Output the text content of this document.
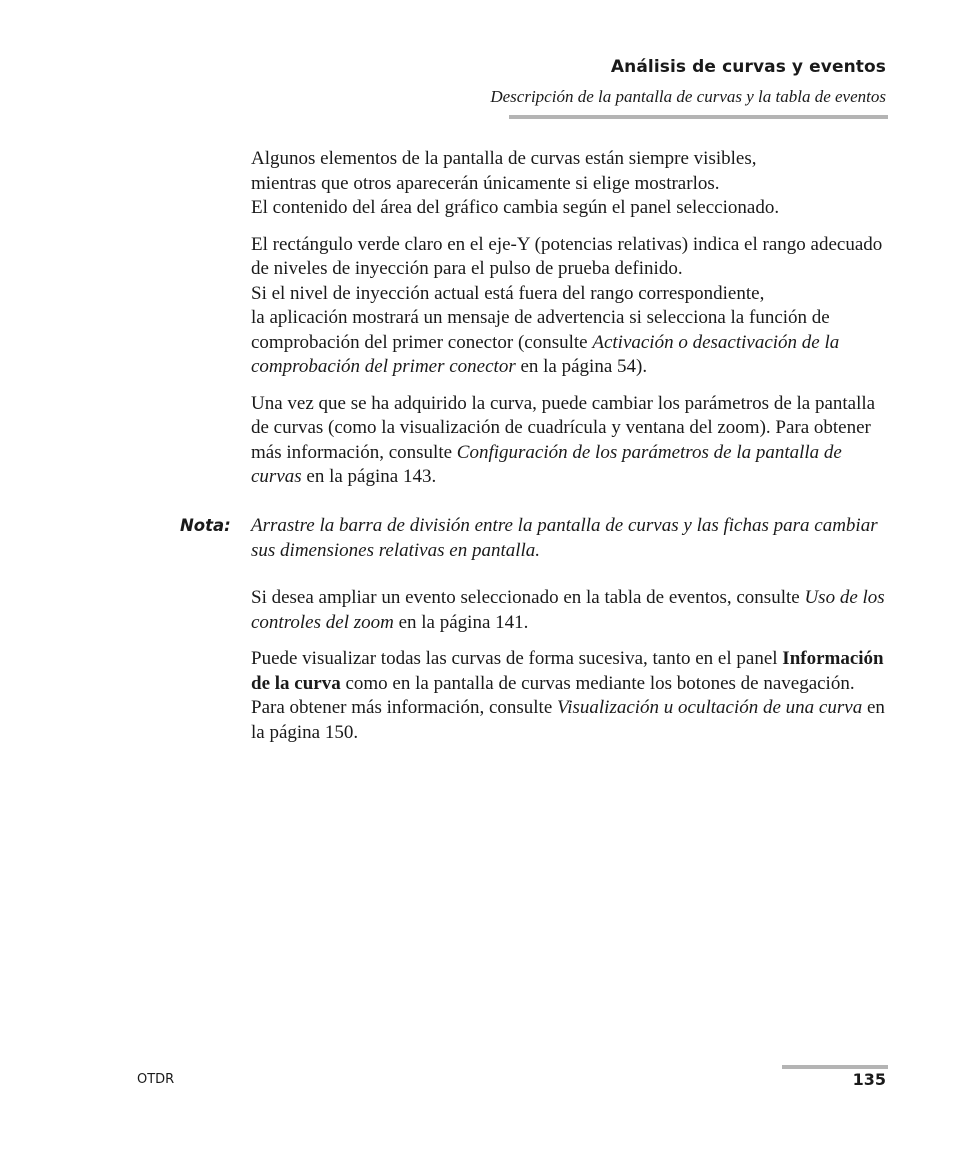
Análisis de curvas y eventos
Descripción de la pantalla de curvas y la tabla de eventos

Algunos elementos de la pantalla de curvas están siempre visibles,
mientras que otros aparecerán únicamente si elige mostrarlos.
El contenido del área del gráfico cambia según el panel seleccionado.

El rectángulo verde claro en el eje-Y (potencias relativas) indica el rango adecuado de niveles de inyección para el pulso de prueba definido.
Si el nivel de inyección actual está fuera del rango correspondiente,
la aplicación mostrará un mensaje de advertencia si selecciona la función de comprobación del primer conector (consulte Activación o desactivación de la comprobación del primer conector en la página 54).

Una vez que se ha adquirido la curva, puede cambiar los parámetros de la pantalla de curvas (como la visualización de cuadrícula y ventana del zoom). Para obtener más información, consulte Configuración de los parámetros de la pantalla de curvas en la página 143.

Nota: Arrastre la barra de división entre la pantalla de curvas y las fichas para cambiar sus dimensiones relativas en pantalla.

Si desea ampliar un evento seleccionado en la tabla de eventos, consulte Uso de los controles del zoom en la página 141.

Puede visualizar todas las curvas de forma sucesiva, tanto en el panel Información de la curva como en la pantalla de curvas mediante los botones de navegación. Para obtener más información, consulte Visualización u ocultación de una curva en la página 150.

OTDR	135
